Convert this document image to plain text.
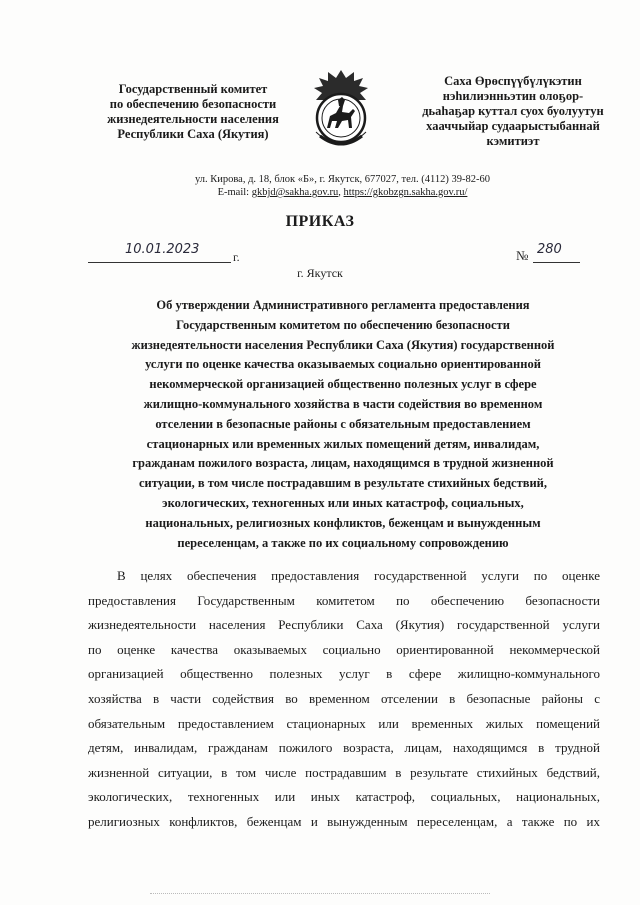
Государственный комитет
по обеспечению безопасности
жизнедеятельности населения
Республики Саха (Якутия)
Саха Өрөспүүбүлүкэтин
нэһилиэнньэтин олоҕор-
дьаһаҕар куттал суох буолуутун
хааччыйар судаарыстыбаннай
кэмитиэт
ул. Кирова, д. 18, блок «Б», г. Якутск, 677027, тел. (4112) 39-82-60
E-mail: gkbjd@sakha.gov.ru, https://gkobzgn.sakha.gov.ru/
ПРИКАЗ
10.01.2023	г.	№ 280
г. Якутск
Об утверждении Административного регламента предоставления
Государственным комитетом по обеспечению безопасности
жизнедеятельности населения Республики Саха (Якутия) государственной
услуги по оценке качества оказываемых социально ориентированной
некоммерческой организацией общественно полезных услуг в сфере
жилищно-коммунального хозяйства в части содействия во временном
отселении в безопасные районы с обязательным предоставлением
стационарных или временных жилых помещений детям, инвалидам,
гражданам пожилого возраста, лицам, находящимся в трудной жизненной
ситуации, в том числе пострадавшим в результате стихийных бедствий,
экологических, техногенных или иных катастроф, социальных,
национальных, религиозных конфликтов, беженцам и вынужденным
переселенцам, а также по их социальному сопровождению
В целях обеспечения предоставления государственной услуги по оценке
предоставления Государственным комитетом по обеспечению безопасности
жизнедеятельности населения Республики Саха (Якутия) государственной услуги
по оценке качества оказываемых социально ориентированной некоммерческой
организацией общественно полезных услуг в сфере жилищно-коммунального
хозяйства в части содействия во временном отселении в безопасные районы с
обязательным предоставлением стационарных или временных жилых помещений
детям, инвалидам, гражданам пожилого возраста, лицам, находящимся в трудной
жизненной ситуации, в том числе пострадавшим в результате стихийных бедствий,
экологических, техногенных или иных катастроф, социальных, национальных,
религиозных конфликтов, беженцам и вынужденным переселенцам, а также по их
